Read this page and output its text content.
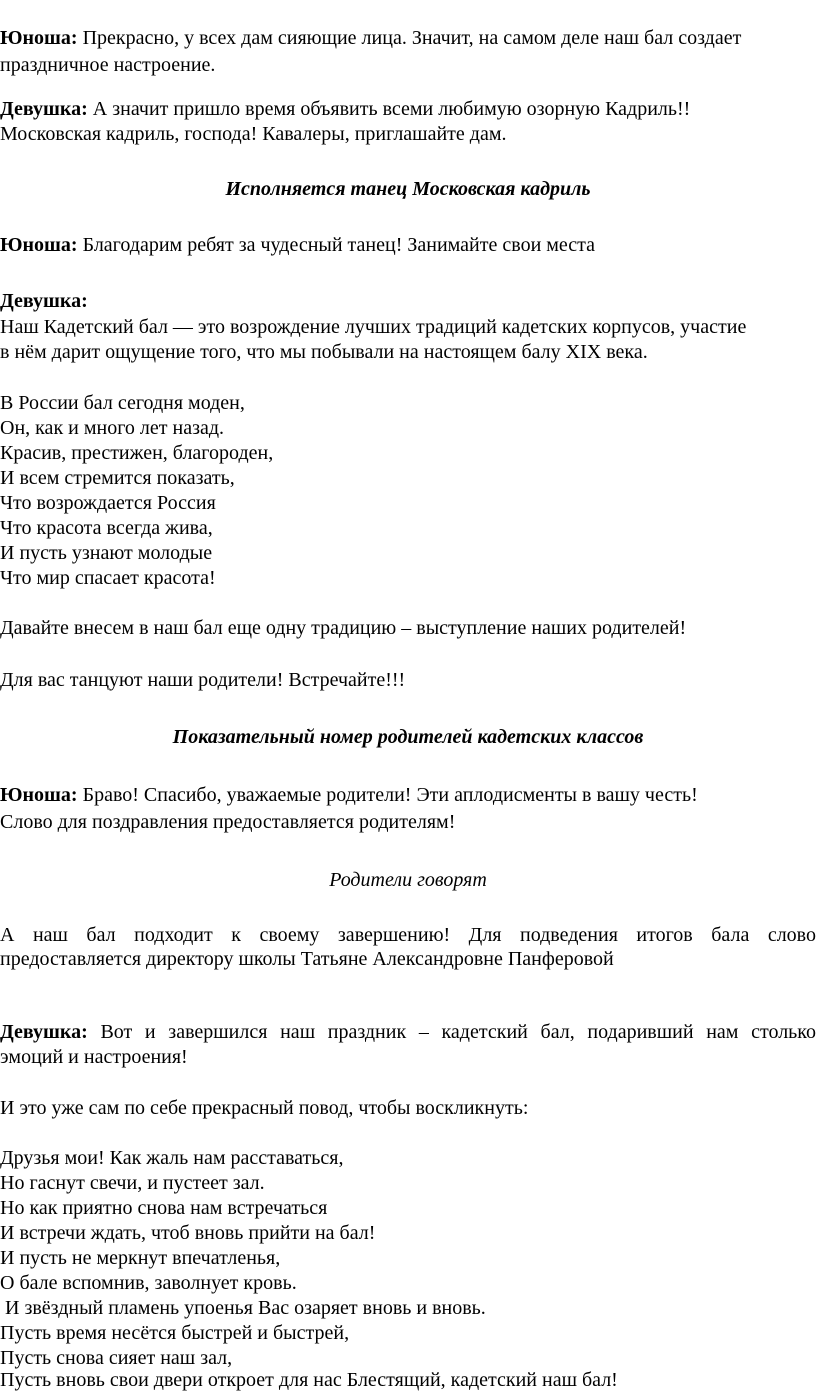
Юноша: Прекрасно, у всех дам сияющие лица. Значит, на самом деле наш бал создает
праздничное настроение.
Девушка: А значит пришло время объявить всеми любимую озорную Кадриль!!
Московская кадриль, господа! Кавалеры, приглашайте дам.
Исполняется танец Московская кадриль
Юноша: Благодарим ребят за чудесный танец! Занимайте свои места
Девушка:
Наш Кадетский бал — это возрождение лучших традиций кадетских корпусов, участие
в нём дарит ощущение того, что мы побывали на настоящем балу XIX века.
В России бал сегодня моден,
Он, как и много лет назад.
Красив, престижен, благороден,
И всем стремится показать,
Что возрождается Россия
Что красота всегда жива,
И пусть узнают молодые
Что мир спасает красота!
Давайте внесем в наш бал еще одну традицию – выступление наших родителей!
Для вас танцуют наши родители! Встречайте!!!
Показательный номер родителей кадетских классов
Юноша: Браво! Спасибо, уважаемые родители! Эти аплодисменты в вашу честь!
Слово для поздравления предоставляется родителям!
Родители говорят
А наш бал подходит к своему завершению! Для подведения итогов бала слово
предоставляется директору школы Татьяне Александровне Панферовой
Девушка: Вот и завершился наш праздник – кадетский бал, подаривший нам столько
эмоций и настроения!
И это уже сам по себе прекрасный повод, чтобы воскликнуть:
Друзья мои! Как жаль нам расставаться,
Но гаснут свечи, и пустеет зал.
Но как приятно снова нам встречаться
И встречи ждать, чтоб вновь прийти на бал!
И пусть не меркнут впечатленья,
О бале вспомнив, заволнует кровь.
И звёздный пламень упоенья Вас озаряет вновь и вновь.
Пусть время несётся быстрей и быстрей,
Пусть снова сияет наш зал,
Пусть вновь свои двери откроет для нас Блестящий, кадетский наш бал!
